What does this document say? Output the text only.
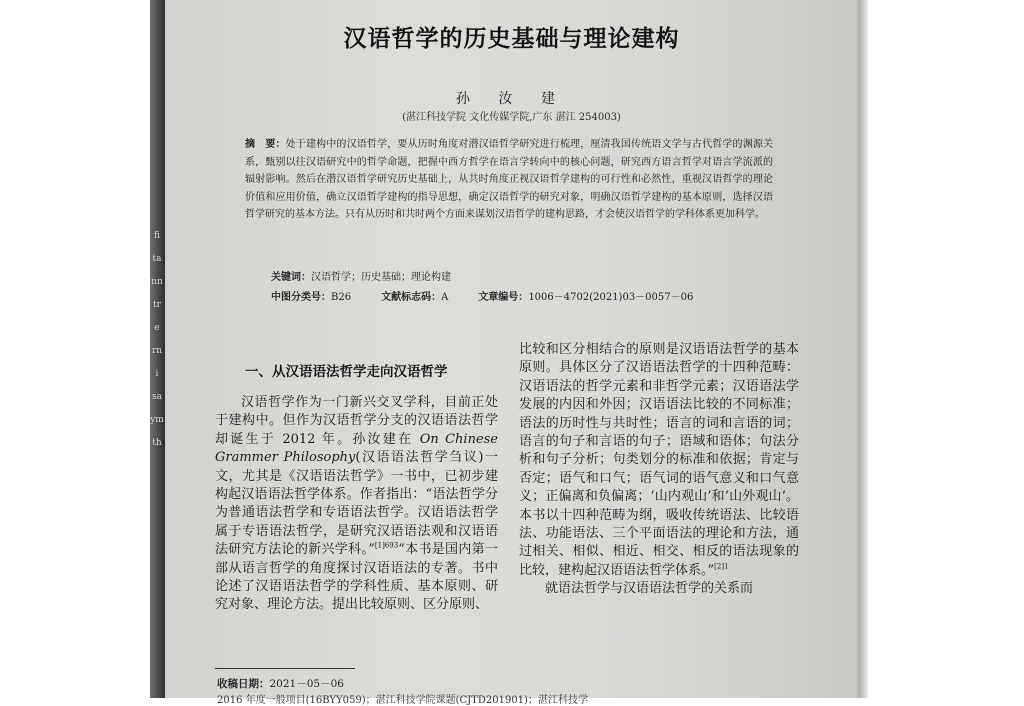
fi
ta
nn
tr
e
rn
i
sa
ym
th
汉语哲学的历史基础与理论建构
孙 汝 建
(湛江科技学院 文化传媒学院,广东 湛江 254003)
摘　要：处于建构中的汉语哲学，要从历时角度对潜汉语哲学研究进行梳理，厘清我国传统语文学与古代哲学的渊源关系，甄别以往汉语研究中的哲学命题，把握中西方哲学在语言学转向中的核心问题，研究西方语言哲学对语言学流派的辐射影响。然后在潜汉语哲学研究历史基础上，从共时角度正视汉语哲学建构的可行性和必然性，重视汉语哲学的理论价值和应用价值，确立汉语哲学建构的指导思想，确定汉语哲学的研究对象，明确汉语哲学建构的基本原则，选择汉语哲学研究的基本方法。只有从历时和共时两个方面来谋划汉语哲学的建构思路，才会使汉语哲学的学科体系更加科学。
关键词：汉语哲学；历史基础；理论构建
中图分类号：B26	文献标志码：A	文章编号：1006－4702(2021)03－0057－06
一、从汉语语法哲学走向汉语哲学
汉语哲学作为一门新兴交叉学科，目前正处于建构中。但作为汉语哲学分支的汉语语法哲学却诞生于 2012 年。孙汝建在 On Chinese Grammer Philosophy(汉语语法哲学刍议)一文，尤其是《汉语语法哲学》一书中，已初步建构起汉语语法哲学体系。作者指出：“语法哲学分为普通语法哲学和专语语法哲学。汉语语法哲学属于专语语法哲学，是研究汉语语法观和汉语语法研究方法论的新兴学科。”$^{[1]693}$“本书是国内第一部从语言哲学的角度探讨汉语语法的专著。书中论述了汉语语法哲学的学科性质、基本原则、研究对象、理论方法。提出比较原则、区分原则、

比较和区分相结合的原则是汉语语法哲学的基本原则。具体区分了汉语语法哲学的十四种范畴：汉语语法的哲学元素和非哲学元素；汉语语法学发展的内因和外因；汉语语法比较的不同标准；语法的历时性与共时性；语言的词和言语的词；语言的句子和言语的句子；语域和语体；句法分析和句子分析；句类划分的标准和依据；肯定与否定；语气和口气；语气词的语气意义和口气意义；正偏离和负偏离；‘山内观山’和‘山外观山’。本书以十四种范畴为纲，吸收传统语法、比较语法、功能语法、三个平面语法的理论和方法，通过相关、相似、相近、相交、相反的语法现象的比较，建构起汉语语法哲学体系。”$^{[2]1}$

就语法哲学与汉语语法哲学的关系而

收稿日期：2021－05－06
2016 年度一般项目(16BYY059)；湛江科技学院课题(CJTD201901)；湛江科技学
